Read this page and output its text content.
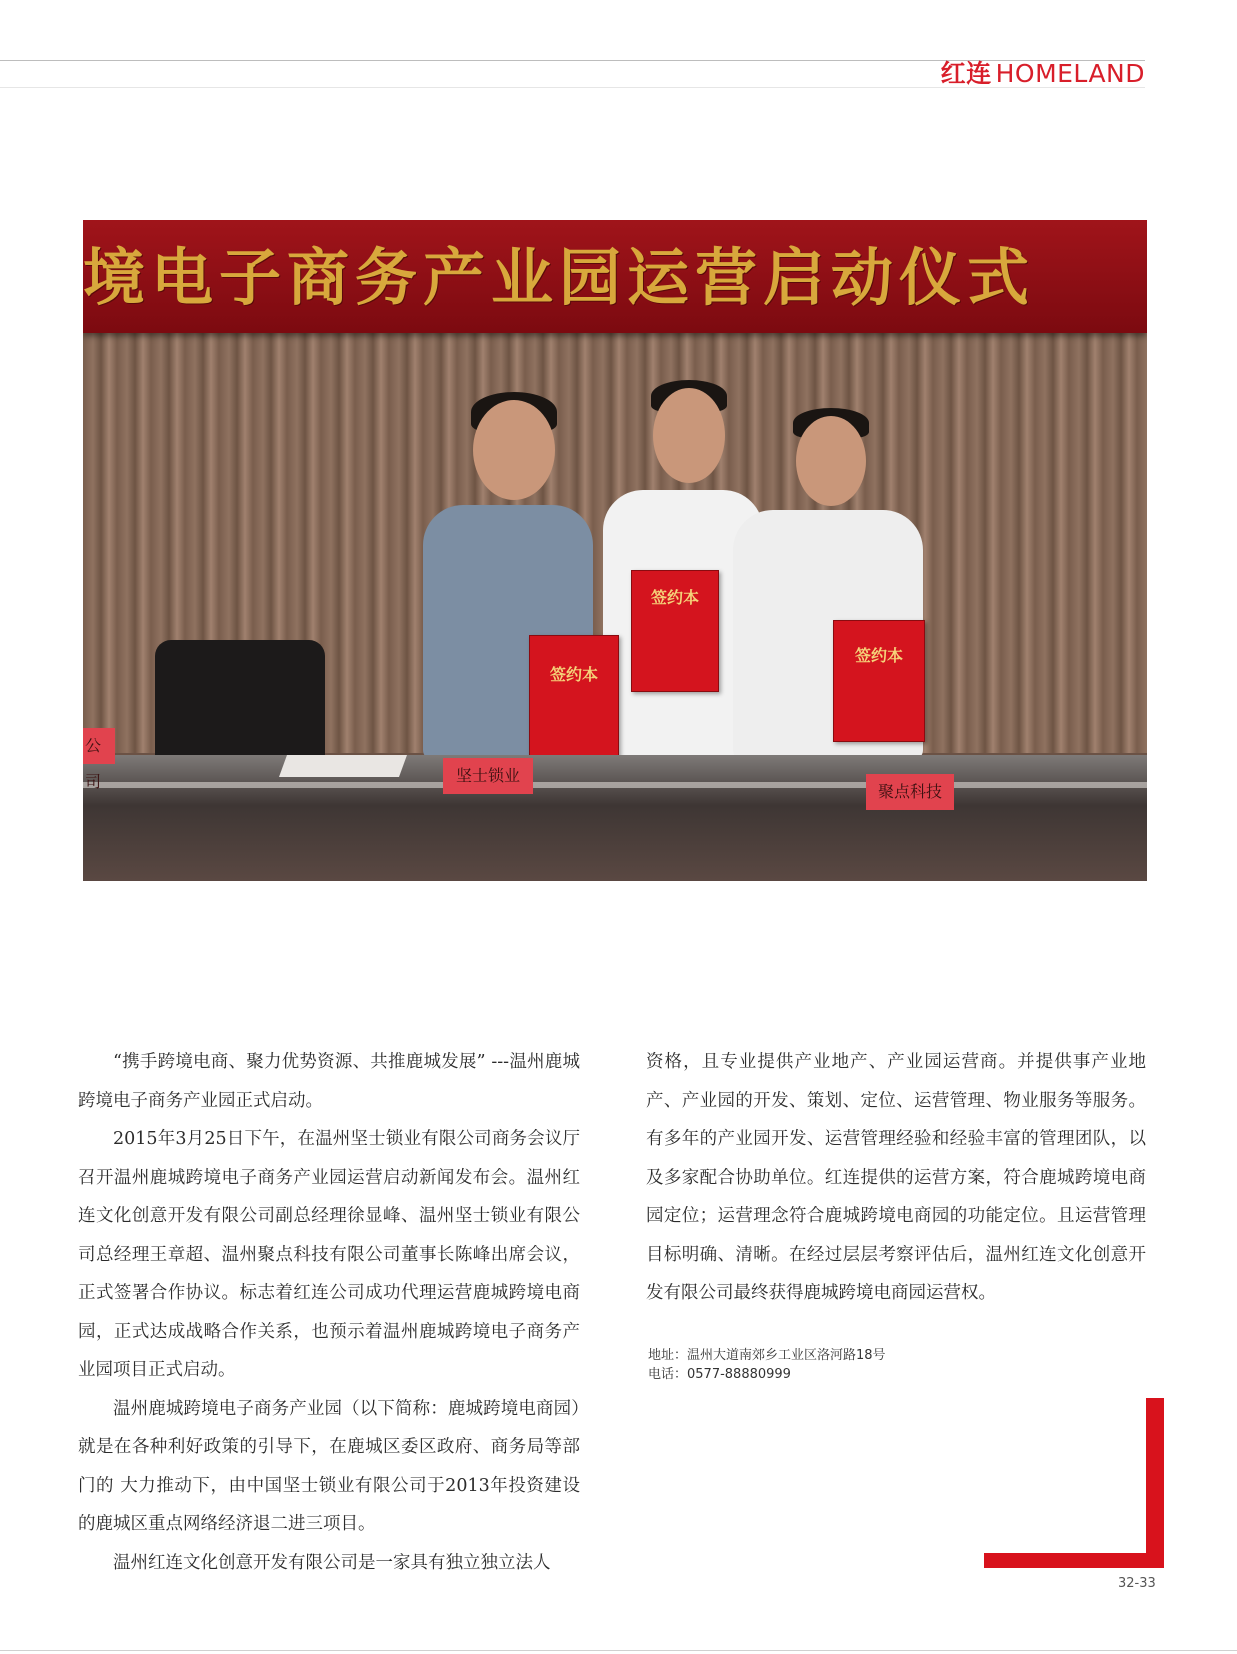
红连 HOMELAND
境电子商务产业园运营启动仪式
签约本
签约本
签约本
公司	坚士锁业
聚点科技

“携手跨境电商、聚力优势资源、共推鹿城发展” ---温州鹿城跨境电子商务产业园正式启动。

2015年3月25日下午，在温州坚士锁业有限公司商务会议厅召开温州鹿城跨境电子商务产业园运营启动新闻发布会。温州红连文化创意开发有限公司副总经理徐显峰、温州坚士锁业有限公司总经理王章超、温州聚点科技有限公司董事长陈峰出席会议，正式签署合作协议。标志着红连公司成功代理运营鹿城跨境电商园，正式达成战略合作关系，也预示着温州鹿城跨境电子商务产业园项目正式启动。

温州鹿城跨境电子商务产业园（以下简称：鹿城跨境电商园）就是在各种利好政策的引导下，在鹿城区委区政府、商务局等部门的 大力推动下，由中国坚士锁业有限公司于2013年投资建设的鹿城区重点网络经济退二进三项目。

温州红连文化创意开发有限公司是一家具有独立独立法人

资格，且专业提供产业地产、产业园运营商。并提供事产业地产、产业园的开发、策划、定位、运营管理、物业服务等服务。有多年的产业园开发、运营管理经验和经验丰富的管理团队，以及多家配合协助单位。红连提供的运营方案，符合鹿城跨境电商园定位；运营理念符合鹿城跨境电商园的功能定位。且运营管理目标明确、清晰。在经过层层考察评估后，温州红连文化创意开发有限公司最终获得鹿城跨境电商园运营权。

地址：温州大道南郊乡工业区洛河路18号
电话：0577-88880999
32-33
